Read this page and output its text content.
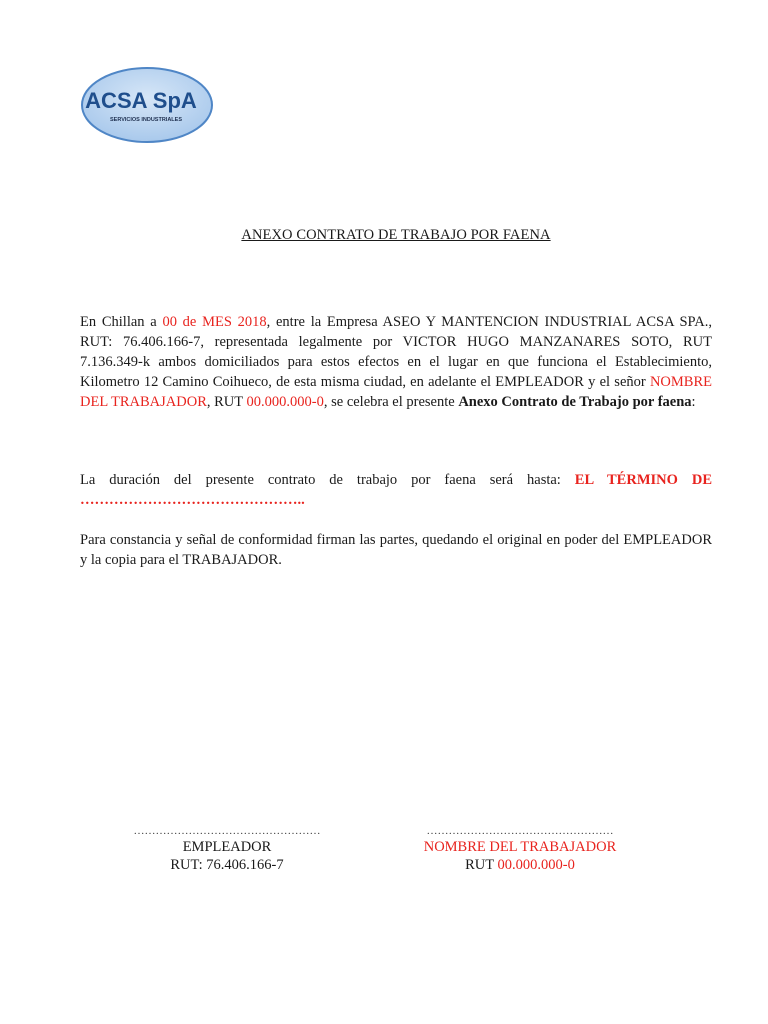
ACSA SpA
SERVICIOS INDUSTRIALES
ANEXO CONTRATO DE TRABAJO POR FAENA
En Chillan a 00 de MES 2018, entre la Empresa ASEO Y MANTENCION INDUSTRIAL ACSA SPA., RUT: 76.406.166-7, representada legalmente por VICTOR HUGO MANZANARES SOTO, RUT 7.136.349-k ambos domiciliados para estos efectos en el lugar en que funciona el Establecimiento, Kilometro 12 Camino Coihueco, de esta misma ciudad, en adelante el EMPLEADOR y el señor NOMBRE DEL TRABAJADOR, RUT 00.000.000-0, se celebra el presente Anexo Contrato de Trabajo por faena:
La duración del presente contrato de trabajo por faena será hasta: EL TÉRMINO DE ………………………………………..
Para constancia y señal de conformidad firman las partes, quedando el original en poder del EMPLEADOR y la copia para el TRABAJADOR.
……………………………………………
EMPLEADOR
RUT: 76.406.166-7
……………………………………………
NOMBRE DEL TRABAJADOR
RUT 00.000.000-0
